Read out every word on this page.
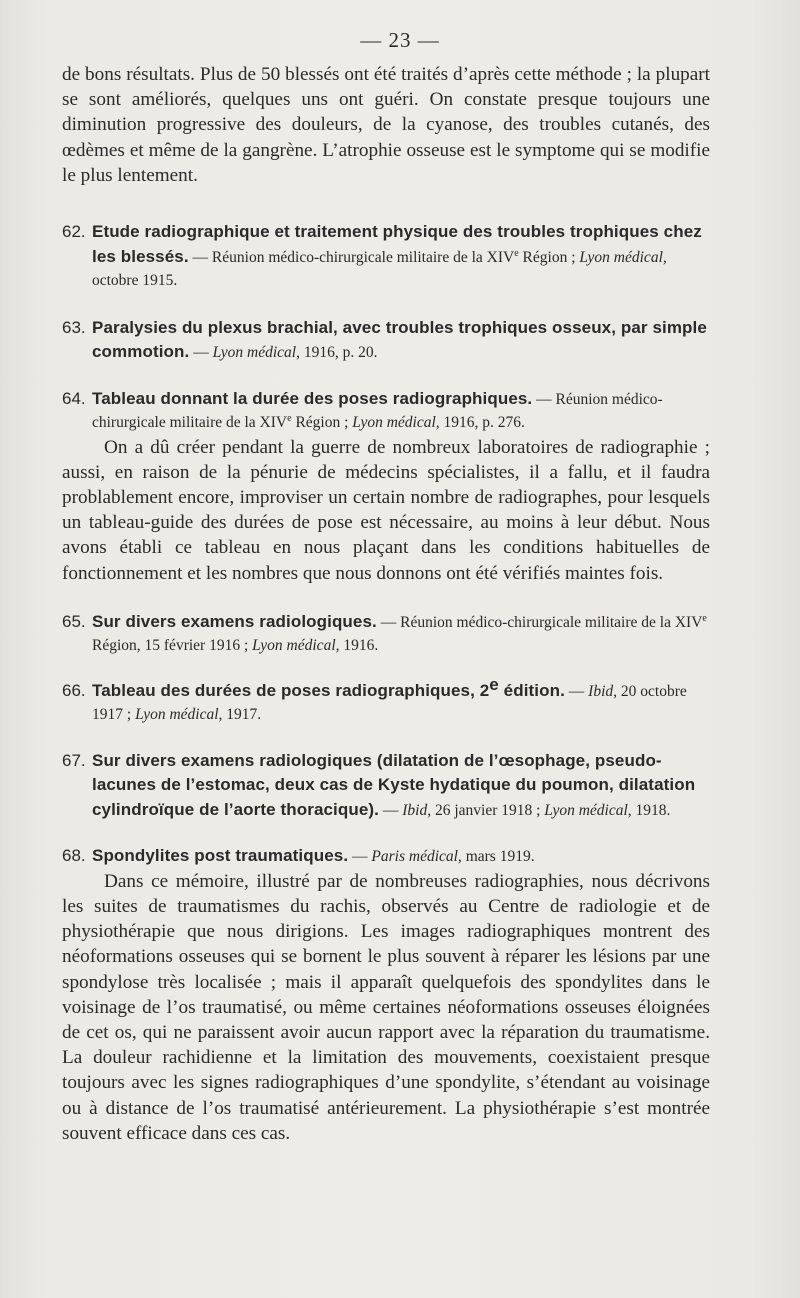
— 23 —

de bons résultats. Plus de 50 blessés ont été traités d’après cette méthode ; la plupart se sont améliorés, quelques uns ont guéri. On constate presque toujours une diminution progressive des douleurs, de la cyanose, des troubles cutanés, des œdèmes et même de la gangrène. L’atrophie osseuse est le symptome qui se modifie le plus lentement.

62. Etude radiographique et traitement physique des troubles trophiques chez les blessés. — Réunion médico-chirurgicale militaire de la XIVe Région ; Lyon médical, octobre 1915.
63. Paralysies du plexus brachial, avec troubles trophiques osseux, par simple commotion. — Lyon médical, 1916, p. 20.
64. Tableau donnant la durée des poses radiographiques. — Réunion médico-chirurgicale militaire de la XIVe Région ; Lyon médical, 1916, p. 276.

On a dû créer pendant la guerre de nombreux laboratoires de radiographie ; aussi, en raison de la pénurie de médecins spécialistes, il a fallu, et il faudra problablement encore, improviser un certain nombre de radiographes, pour lesquels un tableau-guide des durées de pose est nécessaire, au moins à leur début. Nous avons établi ce tableau en nous plaçant dans les conditions habituelles de fonctionnement et les nombres que nous donnons ont été vérifiés maintes fois.

65. Sur divers examens radiologiques. — Réunion médico-chirurgicale militaire de la XIVe Région, 15 février 1916 ; Lyon médical, 1916.
66. Tableau des durées de poses radiographiques, 2e édition. — Ibid, 20 octobre 1917 ; Lyon médical, 1917.
67. Sur divers examens radiologiques (dilatation de l’œsophage, pseudo-lacunes de l’estomac, deux cas de Kyste hydatique du poumon, dilatation cylindroïque de l’aorte thoracique). — Ibid, 26 janvier 1918 ; Lyon médical, 1918.
68. Spondylites post traumatiques. — Paris médical, mars 1919.

Dans ce mémoire, illustré par de nombreuses radiographies, nous décrivons les suites de traumatismes du rachis, observés au Centre de radiologie et de physiothérapie que nous dirigions. Les images radiographiques montrent des néoformations osseuses qui se bornent le plus souvent à réparer les lésions par une spondylose très localisée ; mais il apparaît quelquefois des spondylites dans le voisinage de l’os traumatisé, ou même certaines néoformations osseuses éloignées de cet os, qui ne paraissent avoir aucun rapport avec la réparation du traumatisme. La douleur rachidienne et la limitation des mouvements, coexistaient presque toujours avec les signes radiographiques d’une spondylite, s’étendant au voisinage ou à distance de l’os traumatisé antérieurement. La physiothérapie s’est montrée souvent efficace dans ces cas.
